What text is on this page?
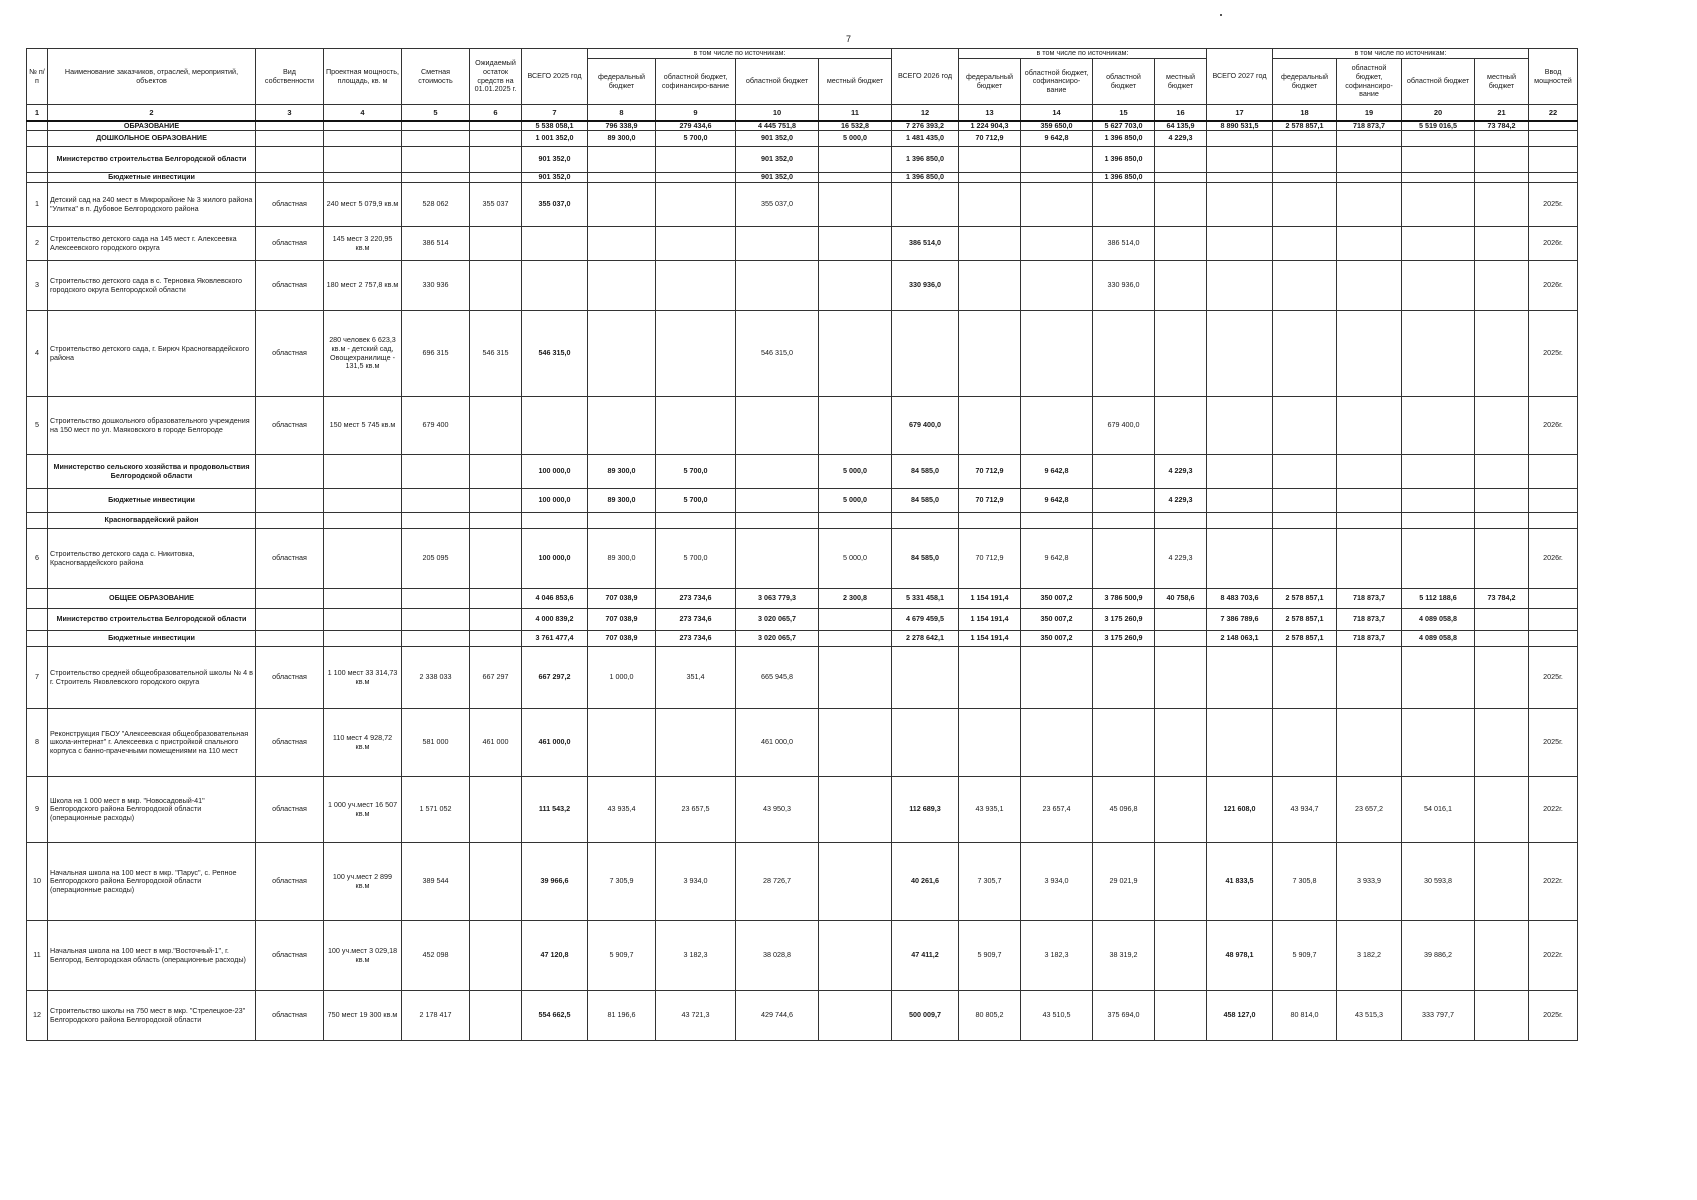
7
№ п/п	Наименование заказчиков, отраслей, мероприятий, объектов	Вид собственности	Проектная мощность, площадь, кв. м	Сметная стоимость	Ожидаемый остаток средств на 01.01.2025 г.	ВСЕГО 2025 год	в том числе по источникам:				ВСЕГО 2026 год	в том числе по источникам:				ВСЕГО 2027 год	в том числе по источникам:				Ввод мощностей
							федеральный бюджет	областной бюджет, софинансиро-вание	областной бюджет	местный бюджет		федеральный бюджет	областной бюджет, софинансиро-вание	областной бюджет	местный бюджет		федеральный бюджет	областной бюджет, софинансиро-вание	областной бюджет	местный бюджет	
1	2	3	4	5	6	7	8	9	10	11	12	13	14	15	16	17	18	19	20	21	22
	ОБРАЗОВАНИЕ					5 538 058,1	796 338,9	279 434,6	4 445 751,8	16 532,8	7 276 393,2	1 224 904,3	359 650,0	5 627 703,0	64 135,9	8 890 531,5	2 578 857,1	718 873,7	5 519 016,5	73 784,2	
	ДОШКОЛЬНОЕ ОБРАЗОВАНИЕ					1 001 352,0	89 300,0	5 700,0	901 352,0	5 000,0	1 481 435,0	70 712,9	9 642,8	1 396 850,0	4 229,3						
	Министерство строительства Белгородской области					901 352,0			901 352,0		1 396 850,0			1 396 850,0							
	Бюджетные инвестиции					901 352,0			901 352,0		1 396 850,0			1 396 850,0							
1	Детский сад на 240 мест в Микрорайоне № 3 жилого района "Улитка" в п. Дубовое Белгородского района	областная	240 мест 5 079,9 кв.м	528 062	355 037	355 037,0			355 037,0												2025г.
2	Строительство детского сада на 145 мест г. Алексеевка Алексеевского городского округа	областная	145 мест 3 220,95 кв.м	386 514							386 514,0			386 514,0							2026г.
3	Строительство детского сада в с. Терновка Яковлевского городского округа Белгородской области	областная	180 мест 2 757,8 кв.м	330 936							330 936,0			330 936,0							2026г.
4	Строительство детского сада, г. Бирюч Красногвардейского района	областная	280 человек 6 623,3 кв.м - детский сад, Овощехранилище - 131,5 кв.м	696 315	546 315	546 315,0			546 315,0												2025г.
5	Строительство дошкольного образовательного учреждения на 150 мест по ул. Маяковского в городе Белгороде	областная	150 мест 5 745 кв.м	679 400							679 400,0			679 400,0							2026г.
	Министерство сельского хозяйства и продовольствия Белгородской области					100 000,0	89 300,0	5 700,0		5 000,0	84 585,0	70 712,9	9 642,8		4 229,3						
	Бюджетные инвестиции					100 000,0	89 300,0	5 700,0		5 000,0	84 585,0	70 712,9	9 642,8		4 229,3						
	Красногвардейский район																				
6	Строительство детского сада с. Никитовка, Красногвардейского района	областная		205 095		100 000,0	89 300,0	5 700,0		5 000,0	84 585,0	70 712,9	9 642,8		4 229,3						2026г.
	ОБЩЕЕ ОБРАЗОВАНИЕ					4 046 853,6	707 038,9	273 734,6	3 063 779,3	2 300,8	5 331 458,1	1 154 191,4	350 007,2	3 786 500,9	40 758,6	8 483 703,6	2 578 857,1	718 873,7	5 112 188,6	73 784,2	
	Министерство строительства Белгородской области					4 000 839,2	707 038,9	273 734,6	3 020 065,7		4 679 459,5	1 154 191,4	350 007,2	3 175 260,9		7 386 789,6	2 578 857,1	718 873,7	4 089 058,8		
	Бюджетные инвестиции					3 761 477,4	707 038,9	273 734,6	3 020 065,7		2 278 642,1	1 154 191,4	350 007,2	3 175 260,9		2 148 063,1	2 578 857,1	718 873,7	4 089 058,8		
7	Строительство средней общеобразовательной школы № 4 в г. Строитель Яковлевского городского округа	областная	1 100 мест 33 314,73 кв.м	2 338 033	667 297	667 297,2	1 000,0	351,4	665 945,8												2025г.
8	Реконструкция ГБОУ "Алексеевская общеобразовательная школа-интернат" г. Алексеевка с пристройкой спального корпуса с банно-прачечными помещениями на 110 мест	областная	110 мест 4 928,72 кв.м	581 000	461 000	461 000,0			461 000,0												2025г.
9	Школа на 1 000 мест в мкр. "Новосадовый-41" Белгородского района Белгородской области (операционные расходы)	областная	1 000 уч.мест 16 507 кв.м	1 571 052		111 543,2	43 935,4	23 657,5	43 950,3		112 689,3	43 935,1	23 657,4	45 096,8		121 608,0	43 934,7	23 657,2	54 016,1		2022г.
10	Начальная школа на 100 мест в мкр. "Парус", с. Репное Белгородского района Белгородской области (операционные расходы)	областная	100 уч.мест 2 899 кв.м	389 544		39 966,6	7 305,9	3 934,0	28 726,7		40 261,6	7 305,7	3 934,0	29 021,9		41 833,5	7 305,8	3 933,9	30 593,8		2022г.
11	Начальная школа на 100 мест в мкр."Восточный-1", г. Белгород, Белгородская область (операционные расходы)	областная	100 уч.мест 3 029,18 кв.м	452 098		47 120,8	5 909,7	3 182,3	38 028,8		47 411,2	5 909,7	3 182,3	38 319,2		48 978,1	5 909,7	3 182,2	39 886,2		2022г.
12	Строительство школы на 750 мест в мкр. "Стрелецкое-23" Белгородского района Белгородской области	областная	750 мест 19 300 кв.м	2 178 417		554 662,5	81 196,6	43 721,3	429 744,6		500 009,7	80 805,2	43 510,5	375 694,0		458 127,0	80 814,0	43 515,3	333 797,7		2025г.
